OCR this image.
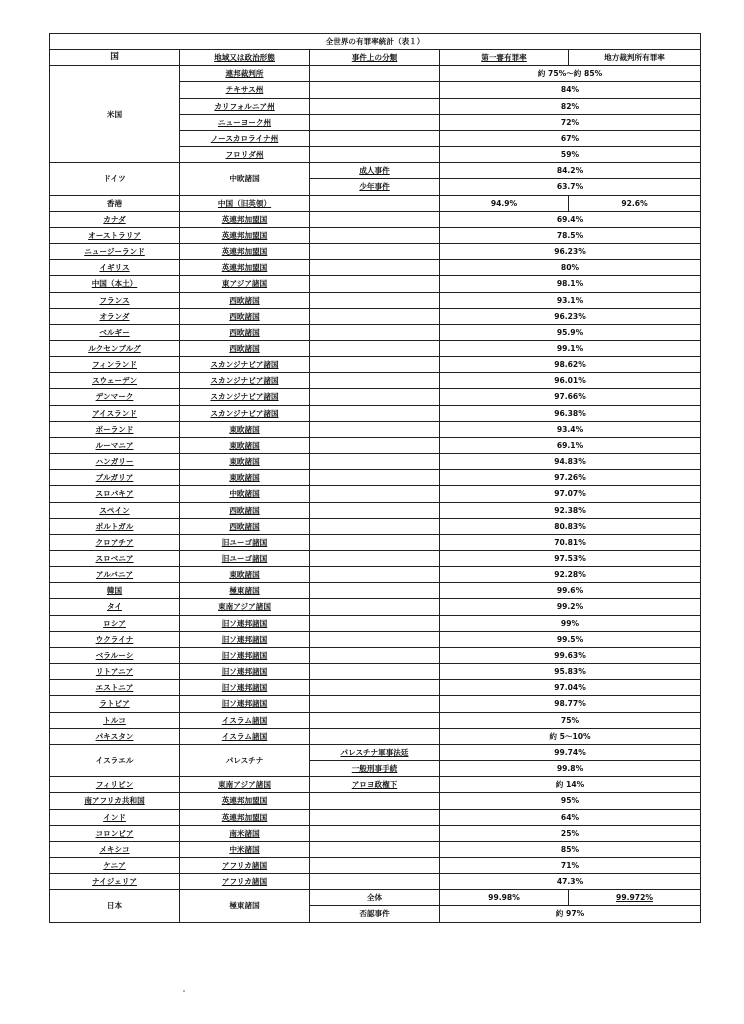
全世界の有罪率統計（表１）				
国	地域又は政治形態	事件上の分類	第一審有罪率	地方裁判所有罪率
米国	連邦裁判所		約 75%～約 85%	
	テキサス州		84%	
	カリフォルニア州		82%	
	ニューヨーク州		72%	
	ノースカロライナ州		67%	
	フロリダ州		59%	
ドイツ	中欧諸国	成人事件	84.2%	
		少年事件	63.7%	
香港	中国（旧英領）		94.9%	92.6%
カナダ	英連邦加盟国		69.4%	
オーストラリア	英連邦加盟国		78.5%	
ニュージーランド	英連邦加盟国		96.23%	
イギリス	英連邦加盟国		80%	
中国（本土）	東アジア諸国		98.1%	
フランス	西欧諸国		93.1%	
オランダ	西欧諸国		96.23%	
ベルギー	西欧諸国		95.9%	
ルクセンブルグ	西欧諸国		99.1%	
フィンランド	スカンジナビア諸国		98.62%	
スウェーデン	スカンジナビア諸国		96.01%	
デンマーク	スカンジナビア諸国		97.66%	
アイスランド	スカンジナビア諸国		96.38%	
ポーランド	東欧諸国		93.4%	
ルーマニア	東欧諸国		69.1%	
ハンガリー	東欧諸国		94.83%	
ブルガリア	東欧諸国		97.26%	
スロバキア	中欧諸国		97.07%	
スペイン	西欧諸国		92.38%	
ポルトガル	西欧諸国		80.83%	
クロアチア	旧ユーゴ諸国		70.81%	
スロベニア	旧ユーゴ諸国		97.53%	
アルバニア	東欧諸国		92.28%	
韓国	極東諸国		99.6%	
タイ	東南アジア諸国		99.2%	
ロシア	旧ソ連邦諸国		99%	
ウクライナ	旧ソ連邦諸国		99.5%	
ベラルーシ	旧ソ連邦諸国		99.63%	
リトアニア	旧ソ連邦諸国		95.83%	
エストニア	旧ソ連邦諸国		97.04%	
ラトビア	旧ソ連邦諸国		98.77%	
トルコ	イスラム諸国		75%	
パキスタン	イスラム諸国		約 5～10%	
イスラエル	パレスチナ	パレスチナ軍事法廷	99.74%	
		一般刑事手続	99.8%	
フィリピン	東南アジア諸国	アロヨ政権下	約 14%	
南アフリカ共和国	英連邦加盟国		95%	
インド	英連邦加盟国		64%	
コロンビア	南米諸国		25%	
メキシコ	中米諸国		85%	
ケニア	アフリカ諸国		71%	
ナイジェリア	アフリカ諸国		47.3%	
日本	極東諸国	全体	99.98%	99.972%
		否認事件	約 97%	
